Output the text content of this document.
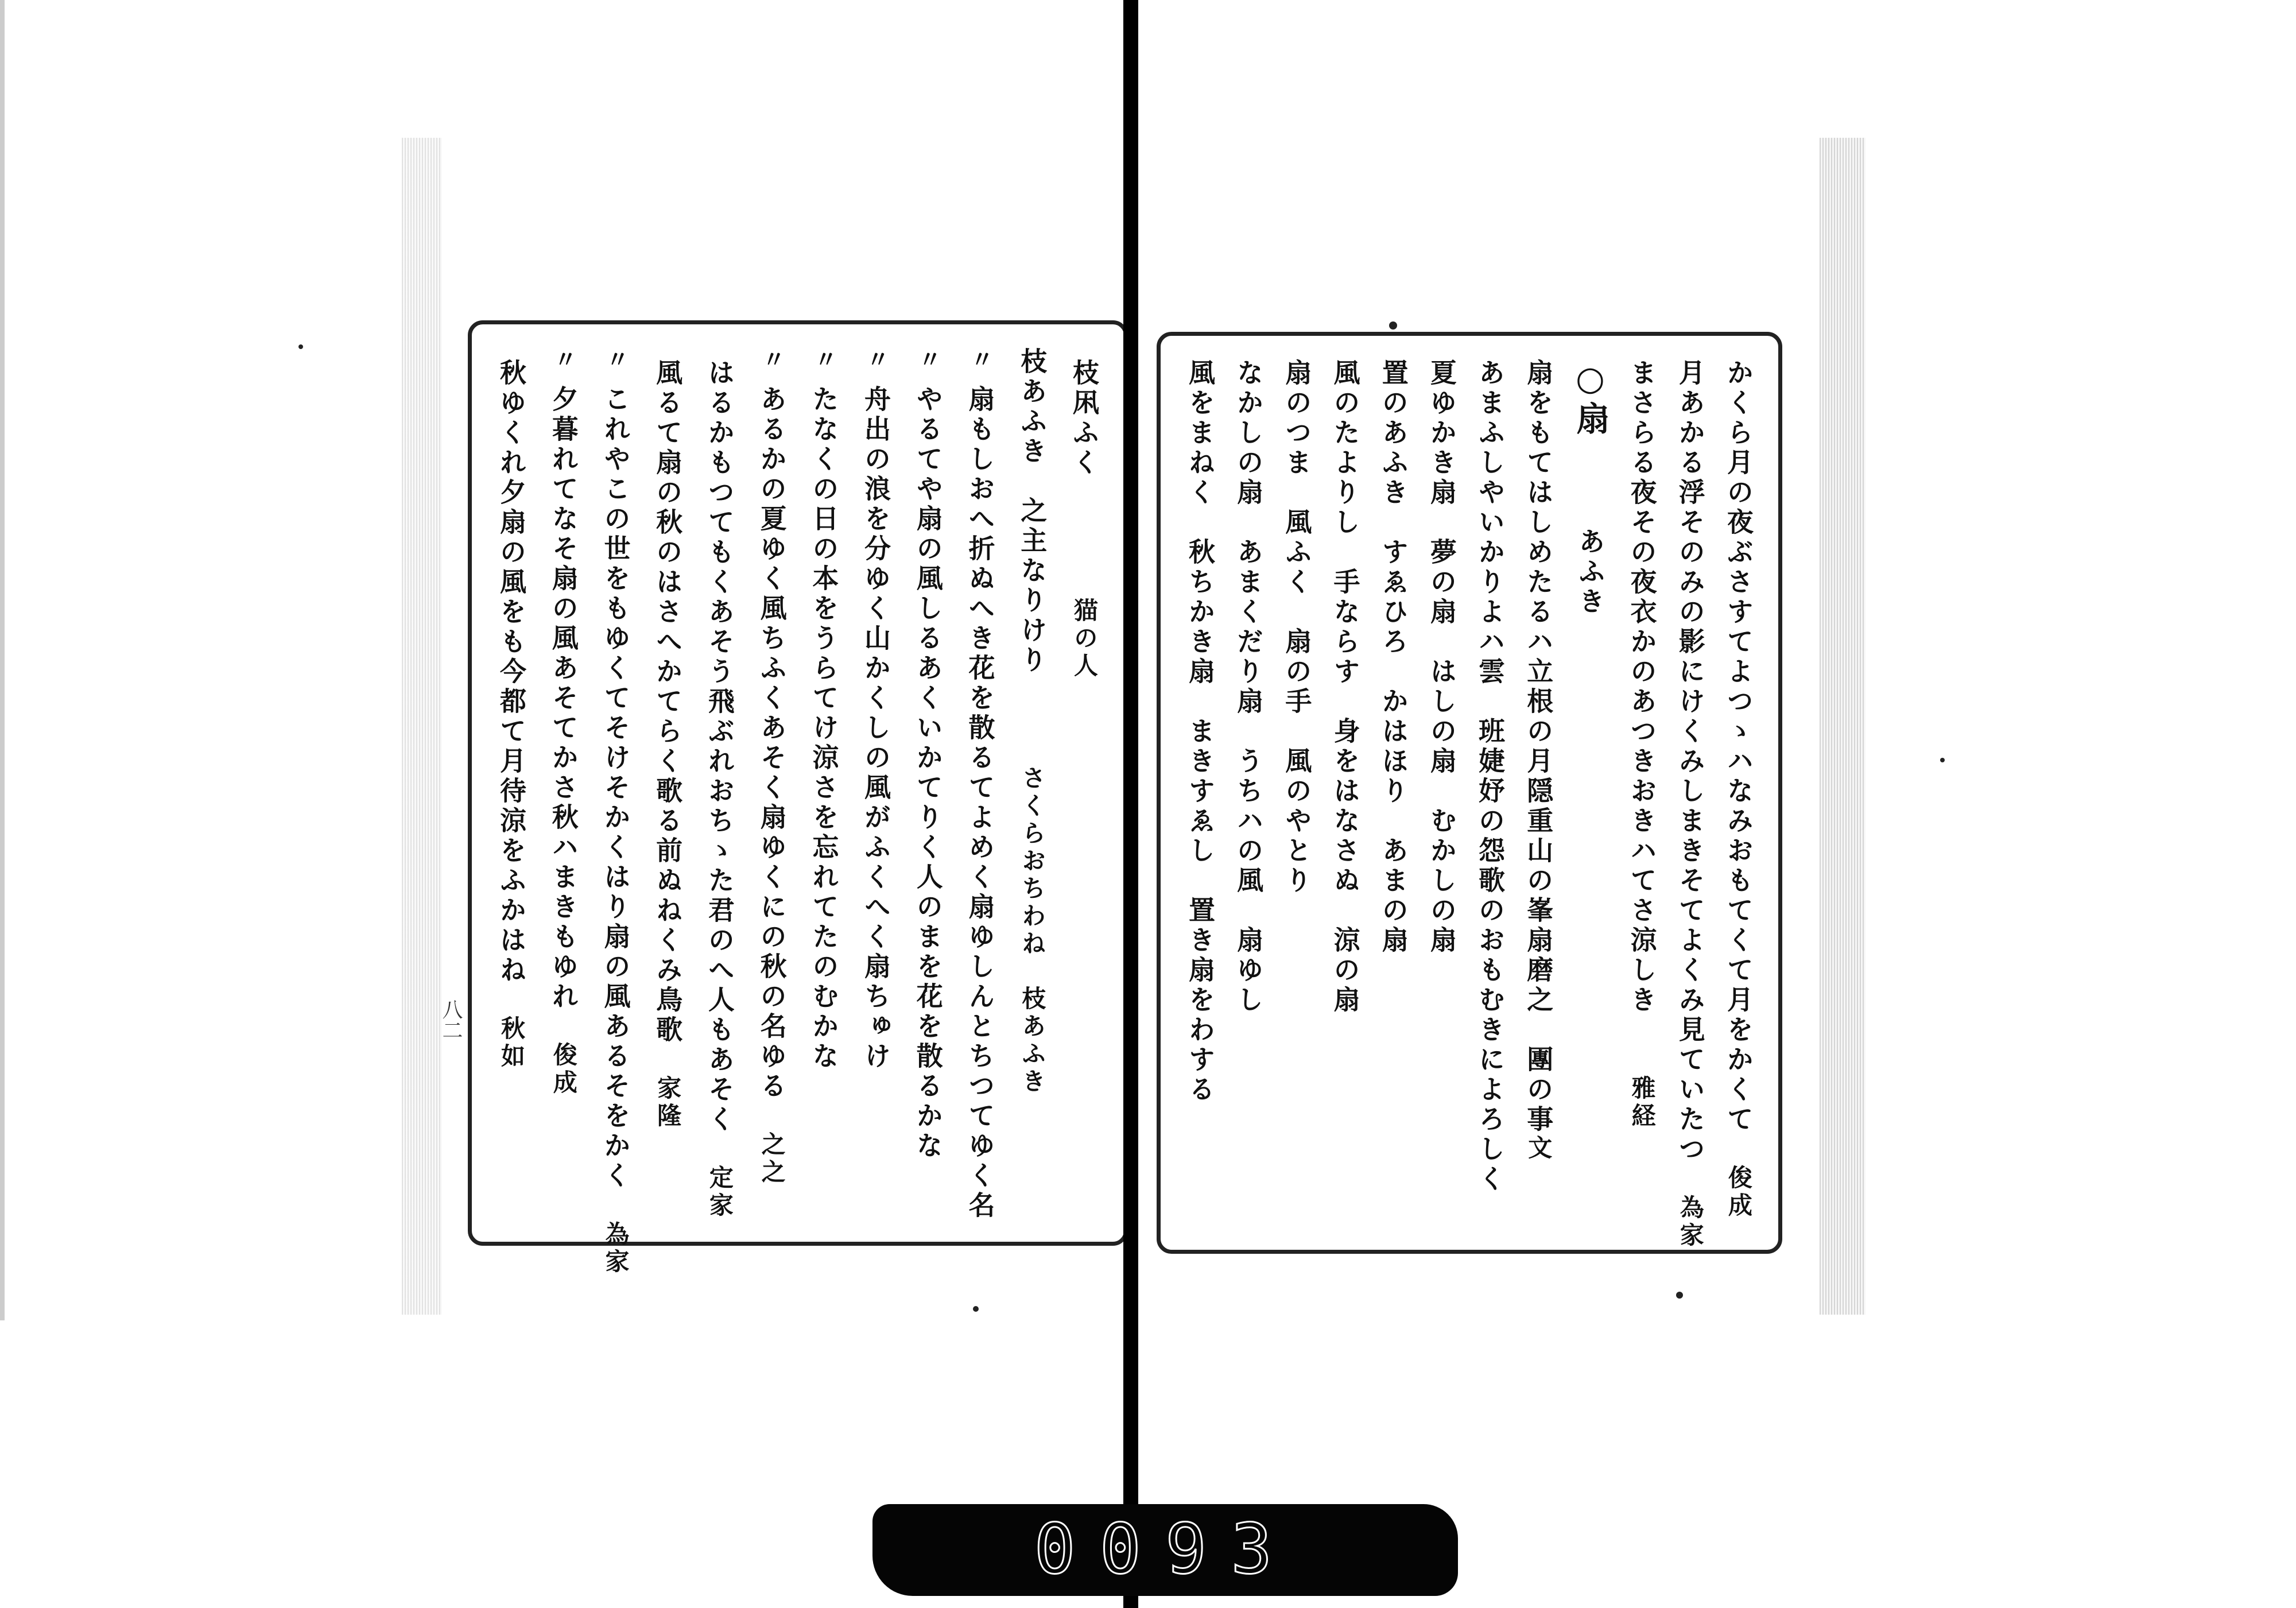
枝凩ふく　　　　猫の人
枝あふき　之主なりけり　　　さくらおちわね　枝あふき
〃扇もしおへ折ぬへき花を散るてよめく扇ゆしんとちつてゆく名
〃やるてや扇の風しるあくいかてりく人のまを花を散るかな
〃舟出の浪を分ゆく山かくしの風がふくへく扇ちゅけ
〃たなくの日の本をうらてけ涼さを忘れてたのむかな
〃あるかの夏ゆく風ちふくあそく扇ゆくにの秋の名ゆる　之之
はるかもつてもくあそう飛ぶれおちゝた君のへ人もあそく　定家
風るて扇の秋のはさへかてらく歌る前ぬねくみ鳥歌　家隆
〃これやこの世をもゆくてそけそかくはり扇の風あるそをかく　為家
〃夕暮れてなそ扇の風あそてかさ秋ハまきもゆれ　俊成
秋ゆくれ夕扇の風をも今都て月待涼をふかはね　秋如	かくら月の夜ぶさすてよつゝハなみおもてくて月をかくて　俊成
月あかる浮そのみの影にけくみしまきそてよくみ見ていたつ　為家
まさらる夜その夜衣かのあつきおきハてさ涼しき　　雅経
○扇　　　あふき
扇をもてはしめたるハ立根の月隠重山の峯扇磨之　團の事文
あまふしやいかりよハ雲　班婕妤の怨歌のおもむきによろしく
夏ゆかき扇　夢の扇　はしの扇　むかしの扇
置のあふき　すゑひろ　かはほり　あまの扇
風のたよりし　手ならす　身をはなさぬ　涼の扇
扇のつま　風ふく　扇の手　風のやとり
なかしの扇　あまくだり扇　うちハの風　扇ゆし
風をまねく　秋ちかき扇　まきすゑし　置き扇をわする
八二
0093
